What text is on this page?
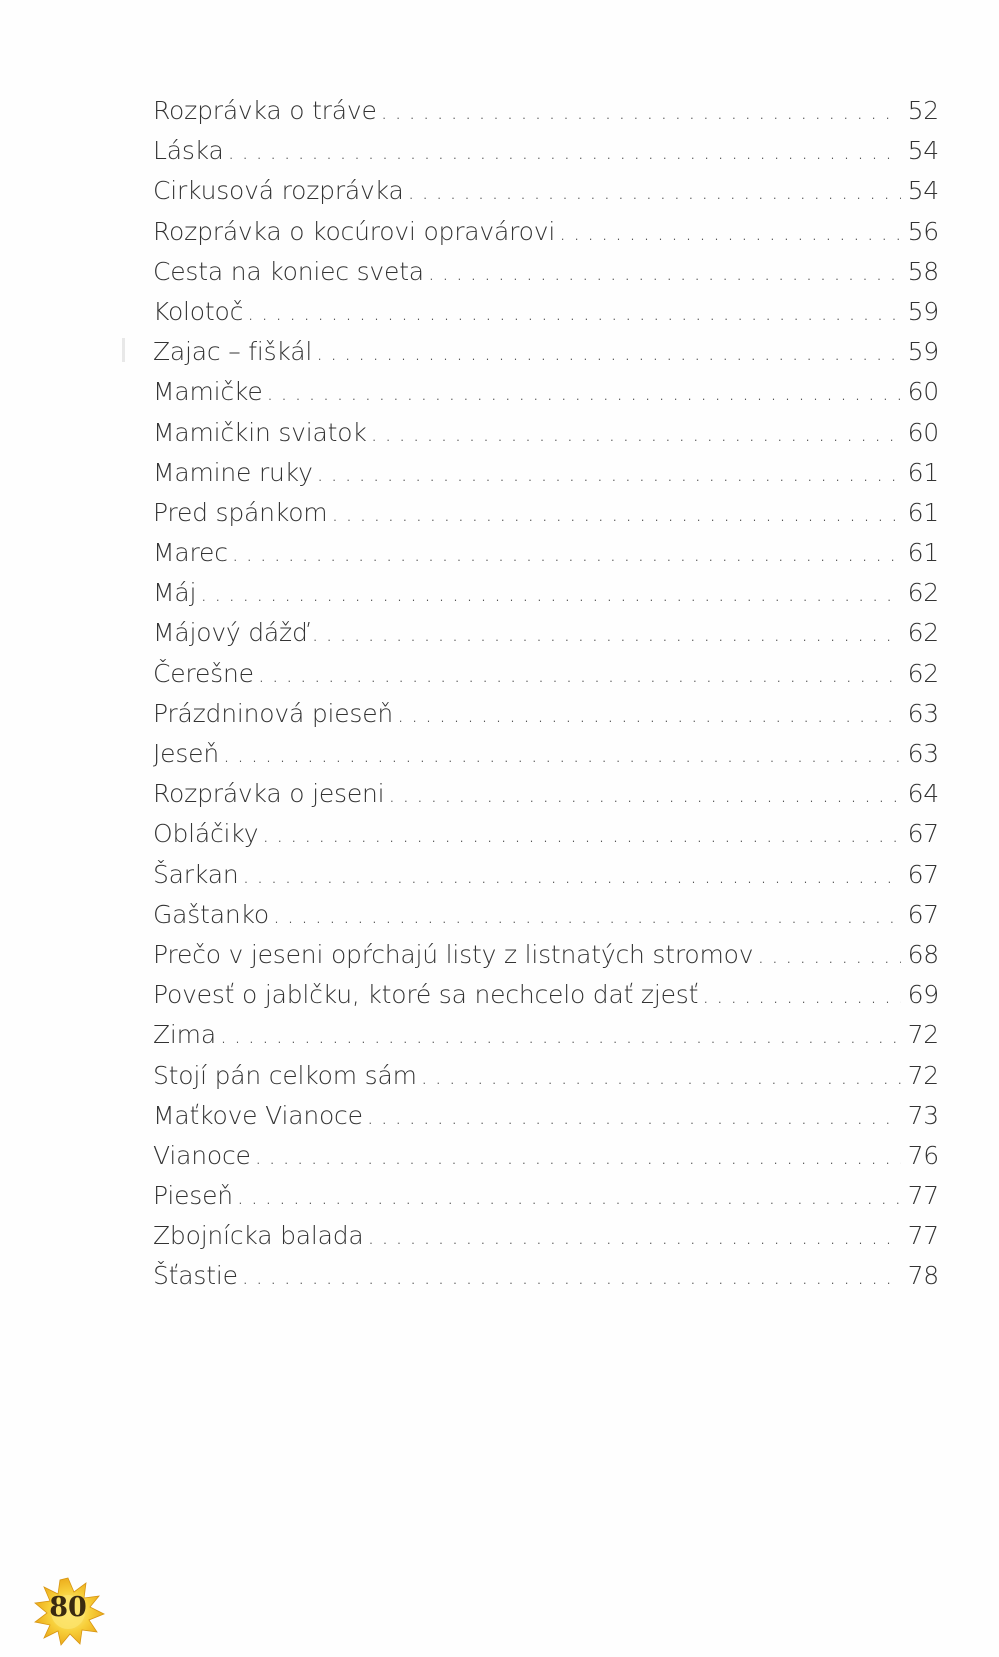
Rozprávka o tráve . . .	52
Láska . . .	54
Cirkusová rozprávka . . .	54
Rozprávka o kocúrovi opravárovi . . .	56
Cesta na koniec sveta . . .	58
Kolotoč . . .	59
Zajac – fiškál . . .	59
Mamičke . . .	60
Mamičkin sviatok . . .	60
Mamine ruky . . .	61
Pred spánkom . . .	61
Marec . . .	61
Máj . . .	62
Májový dážď . . .	62
Čerešne . . .	62
Prázdninová pieseň . . .	63
Jeseň . . .	63
Rozprávka o jeseni . . .	64
Obláčiky . . .	67
Šarkan . . .	67
Gaštanko . . .	67
Prečo v jeseni opŕchajú listy z listnatých stromov . . .	68
Povesť o jablčku, ktoré sa nechcelo dať zjesť . . .	69
Zima . . .	72
Stojí pán celkom sám . . .	72
Maťkove Vianoce . . .	73
Vianoce . . .	76
Pieseň . . .	77
Zbojnícka balada . . .	77
Šťastie . . .	78
80
